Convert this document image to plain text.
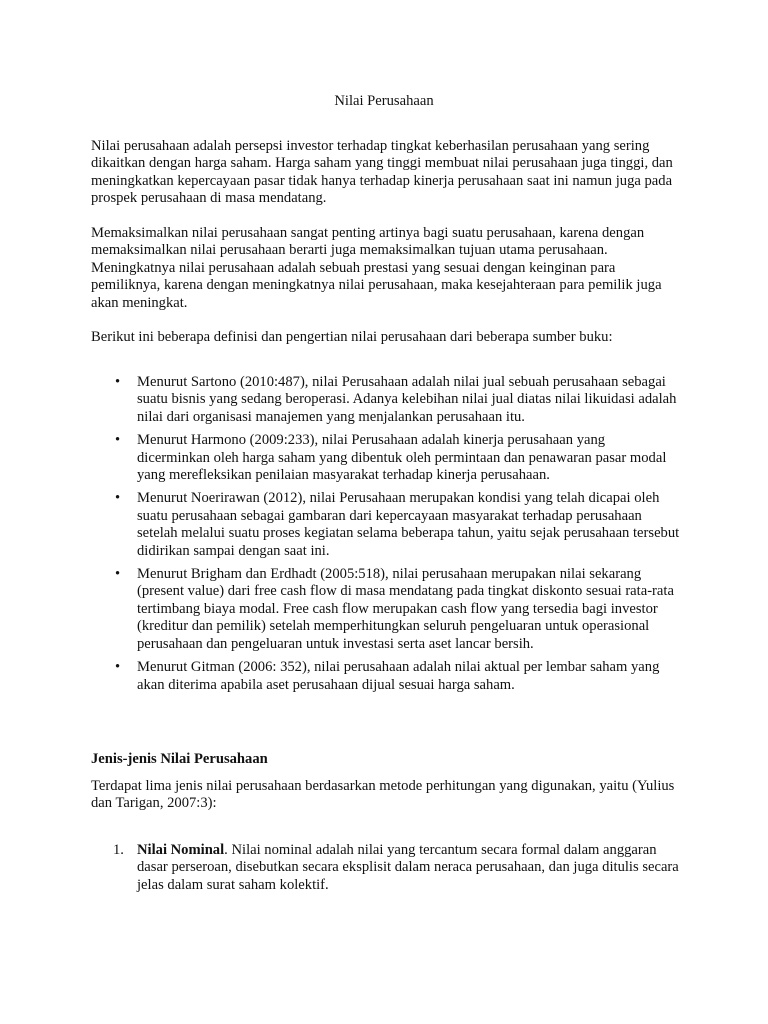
Nilai Perusahaan

Nilai perusahaan adalah persepsi investor terhadap tingkat keberhasilan perusahaan yang sering dikaitkan dengan harga saham. Harga saham yang tinggi membuat nilai perusahaan juga tinggi, dan meningkatkan kepercayaan pasar tidak hanya terhadap kinerja perusahaan saat ini namun juga pada prospek perusahaan di masa mendatang.

Memaksimalkan nilai perusahaan sangat penting artinya bagi suatu perusahaan, karena dengan memaksimalkan nilai perusahaan berarti juga memaksimalkan tujuan utama perusahaan. Meningkatnya nilai perusahaan adalah sebuah prestasi yang sesuai dengan keinginan para pemiliknya, karena dengan meningkatnya nilai perusahaan, maka kesejahteraan para pemilik juga akan meningkat.

Berikut ini beberapa definisi dan pengertian nilai perusahaan dari beberapa sumber buku:

• Menurut Sartono (2010:487), nilai Perusahaan adalah nilai jual sebuah perusahaan sebagai suatu bisnis yang sedang beroperasi. Adanya kelebihan nilai jual diatas nilai likuidasi adalah nilai dari organisasi manajemen yang menjalankan perusahaan itu.
• Menurut Harmono (2009:233), nilai Perusahaan adalah kinerja perusahaan yang dicerminkan oleh harga saham yang dibentuk oleh permintaan dan penawaran pasar modal yang merefleksikan penilaian masyarakat terhadap kinerja perusahaan.
• Menurut Noerirawan (2012), nilai Perusahaan merupakan kondisi yang telah dicapai oleh suatu perusahaan sebagai gambaran dari kepercayaan masyarakat terhadap perusahaan setelah melalui suatu proses kegiatan selama beberapa tahun, yaitu sejak perusahaan tersebut didirikan sampai dengan saat ini.
• Menurut Brigham dan Erdhadt (2005:518), nilai perusahaan merupakan nilai sekarang (present value) dari free cash flow di masa mendatang pada tingkat diskonto sesuai rata-rata tertimbang biaya modal. Free cash flow merupakan cash flow yang tersedia bagi investor (kreditur dan pemilik) setelah memperhitungkan seluruh pengeluaran untuk operasional perusahaan dan pengeluaran untuk investasi serta aset lancar bersih.
• Menurut Gitman (2006: 352), nilai perusahaan adalah nilai aktual per lembar saham yang akan diterima apabila aset perusahaan dijual sesuai harga saham.

Jenis-jenis Nilai Perusahaan

Terdapat lima jenis nilai perusahaan berdasarkan metode perhitungan yang digunakan, yaitu (Yulius dan Tarigan, 2007:3):

1. Nilai Nominal. Nilai nominal adalah nilai yang tercantum secara formal dalam anggaran dasar perseroan, disebutkan secara eksplisit dalam neraca perusahaan, dan juga ditulis secara jelas dalam surat saham kolektif.
